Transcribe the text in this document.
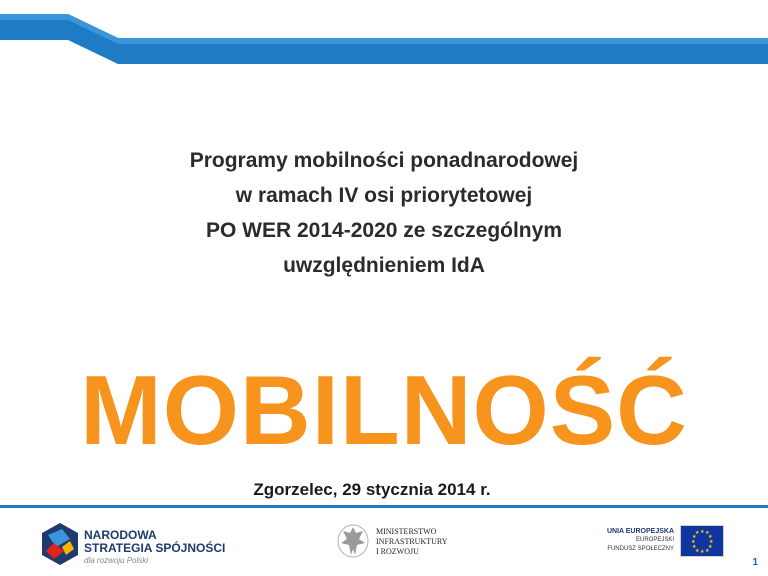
Programy mobilności ponadnarodowej
w ramach IV osi priorytetowej
PO WER 2014-2020 ze szczególnym
uwzględnieniem IdA
MOBILNOŚĆ
Zgorzelec, 29 stycznia 2014 r.
NARODOWA
STRATEGIA SPÓJNOŚCI
dla rozwoju Polski
MINISTERSTWO
INFRASTRUKTURY
I ROZWOJU
UNIA EUROPEJSKA
EUROPEJSKI
FUNDUSZ SPOŁECZNY
★ ★
★
★
★
★
★
★
★
★
★
★
1
